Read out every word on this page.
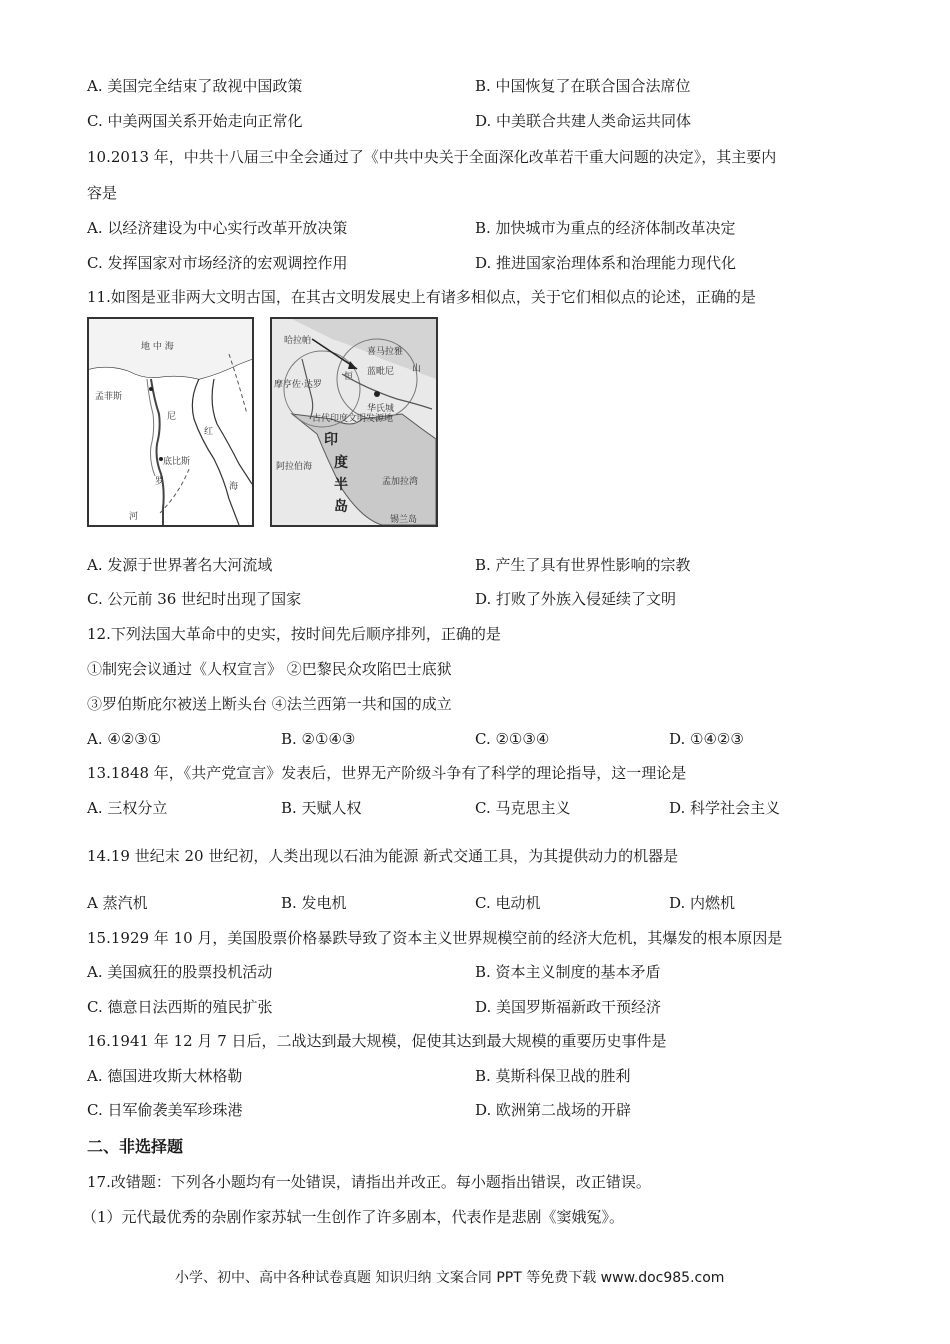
A. 美国完全结束了敌视中国政策	B. 中国恢复了在联合国合法席位
C. 中美两国关系开始走向正常化	D. 中美联合共建人类命运共同体
10.2013 年，中共十八届三中全会通过了《中共中央关于全面深化改革若干重大问题的决定》，其主要内
容是
A. 以经济建设为中心实行改革开放决策	B. 加快城市为重点的经济体制改革决定
C. 发挥国家对市场经济的宏观调控作用	D. 推进国家治理体系和治理能力现代化
11.如图是亚非两大文明古国，在其古文明发展史上有诸多相似点，关于它们相似点的论述，正确的是
地 中 海
孟菲斯
底比斯
红
海
尼
罗
河
哈拉帕
摩亨佐·达罗
喜马拉雅
山
恒 蓝毗尼
华氏城
古代印度文明发源地
印
度
半
岛
阿拉伯海
孟加拉湾
锡兰岛
A. 发源于世界著名大河流域	B. 产生了具有世界性影响的宗教
C. 公元前 36 世纪时出现了国家	D. 打败了外族入侵延续了文明
12.下列法国大革命中的史实，按时间先后顺序排列，正确的是
①制宪会议通过《人权宣言》 ②巴黎民众攻陷巴士底狱
③罗伯斯庇尔被送上断头台 ④法兰西第一共和国的成立
A. ④②③①	B. ②①④③	C. ②①③④	D. ①④②③
13.1848 年，《共产党宣言》发表后，世界无产阶级斗争有了科学的理论指导，这一理论是
A. 三权分立	B. 天赋人权	C. 马克思主义	D. 科学社会主义
14.19 世纪末 20 世纪初，人类出现以石油为能源 新式交通工具，为其提供动力的机器是
A 蒸汽机	B. 发电机	C. 电动机	D. 内燃机
15.1929 年 10 月，美国股票价格暴跌导致了资本主义世界规模空前的经济大危机，其爆发的根本原因是
A. 美国疯狂的股票投机活动	B. 资本主义制度的基本矛盾
C. 德意日法西斯的殖民扩张	D. 美国罗斯福新政干预经济
16.1941 年 12 月 7 日后，二战达到最大规模，促使其达到最大规模的重要历史事件是
A. 德国进攻斯大林格勒	B. 莫斯科保卫战的胜利
C. 日军偷袭美军珍珠港	D. 欧洲第二战场的开辟
二、非选择题
17.改错题：下列各小题均有一处错误，请指出并改正。每小题指出错误，改正错误。
（1）元代最优秀的杂剧作家苏轼一生创作了许多剧本，代表作是悲剧《窦娥冤》。
小学、初中、高中各种试卷真题 知识归纳 文案合同 PPT 等免费下载 www.doc985.com
